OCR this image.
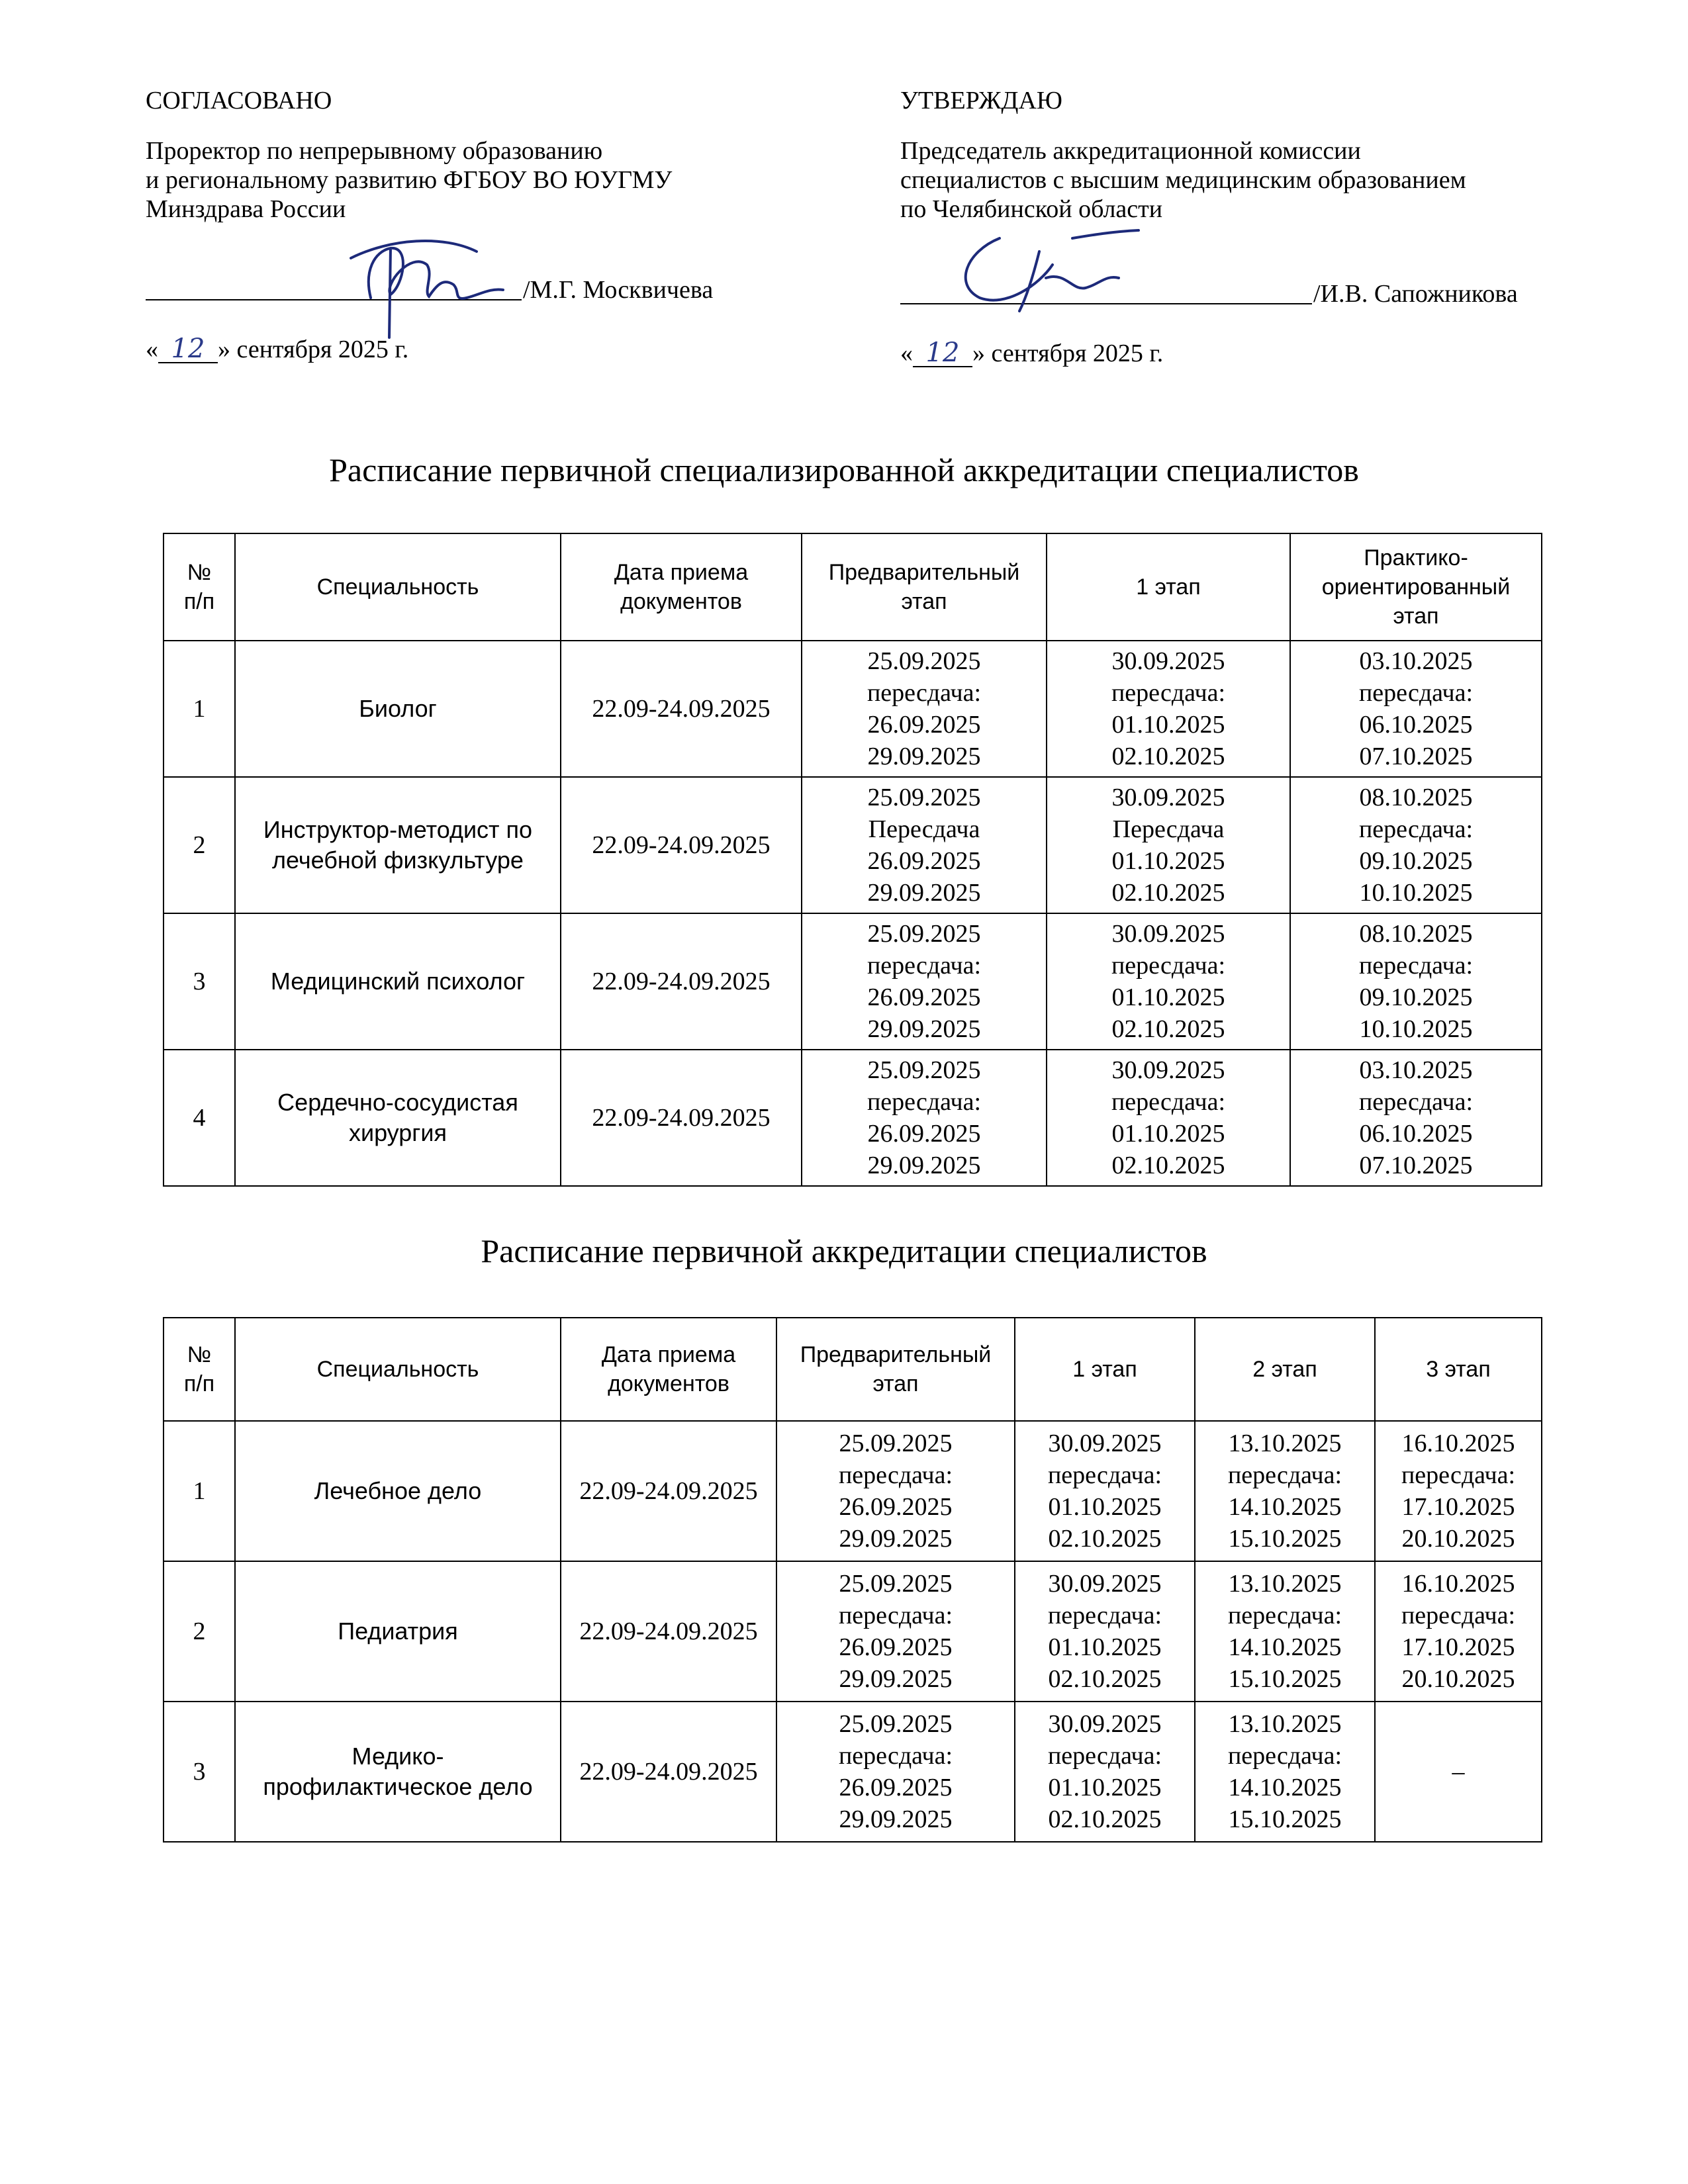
СОГЛАСОВАНО
Проректор по непрерывному образованию
и региональному развитию ФГБОУ ВО ЮУГМУ
Минздрава России
/М.Г. Москвичева
« 12 » сентября 2025 г.
УТВЕРЖДАЮ
Председатель аккредитационной комиссии
специалистов с высшим медицинским образованием
по Челябинской области
/И.В. Сапожникова
« 12 » сентября 2025 г.
Расписание первичной специализированной аккредитации специалистов
№
п/п	Специальность	Дата приема
документов	Предварительный
этап	1 этап	Практико-
ориентированный
этап

1	Биолог	22.09-24.09.2025	25.09.2025
пересдача:
26.09.2025
29.09.2025	30.09.2025
пересдача:
01.10.2025
02.10.2025	03.10.2025
пересдача:
06.10.2025
07.10.2025

2	Инструктор-методист по
лечебной физкультуре	22.09-24.09.2025	25.09.2025
Пересдача
26.09.2025
29.09.2025	30.09.2025
Пересдача
01.10.2025
02.10.2025	08.10.2025
пересдача:
09.10.2025
10.10.2025

3	Медицинский психолог	22.09-24.09.2025	25.09.2025
пересдача:
26.09.2025
29.09.2025	30.09.2025
пересдача:
01.10.2025
02.10.2025	08.10.2025
пересдача:
09.10.2025
10.10.2025

4	Сердечно-сосудистая
хирургия	22.09-24.09.2025	25.09.2025
пересдача:
26.09.2025
29.09.2025	30.09.2025
пересдача:
01.10.2025
02.10.2025	03.10.2025
пересдача:
06.10.2025
07.10.2025
Расписание первичной аккредитации специалистов
№
п/п	Специальность	Дата приема
документов	Предварительный
этап	1 этап	2 этап	3 этап

1	Лечебное дело	22.09-24.09.2025	25.09.2025
пересдача:
26.09.2025
29.09.2025	30.09.2025
пересдача:
01.10.2025
02.10.2025	13.10.2025
пересдача:
14.10.2025
15.10.2025	16.10.2025
пересдача:
17.10.2025
20.10.2025

2	Педиатрия	22.09-24.09.2025	25.09.2025
пересдача:
26.09.2025
29.09.2025	30.09.2025
пересдача:
01.10.2025
02.10.2025	13.10.2025
пересдача:
14.10.2025
15.10.2025	16.10.2025
пересдача:
17.10.2025
20.10.2025

3	Медико-
профилактическое дело	22.09-24.09.2025	25.09.2025
пересдача:
26.09.2025
29.09.2025	30.09.2025
пересдача:
01.10.2025
02.10.2025	13.10.2025
пересдача:
14.10.2025
15.10.2025	–
